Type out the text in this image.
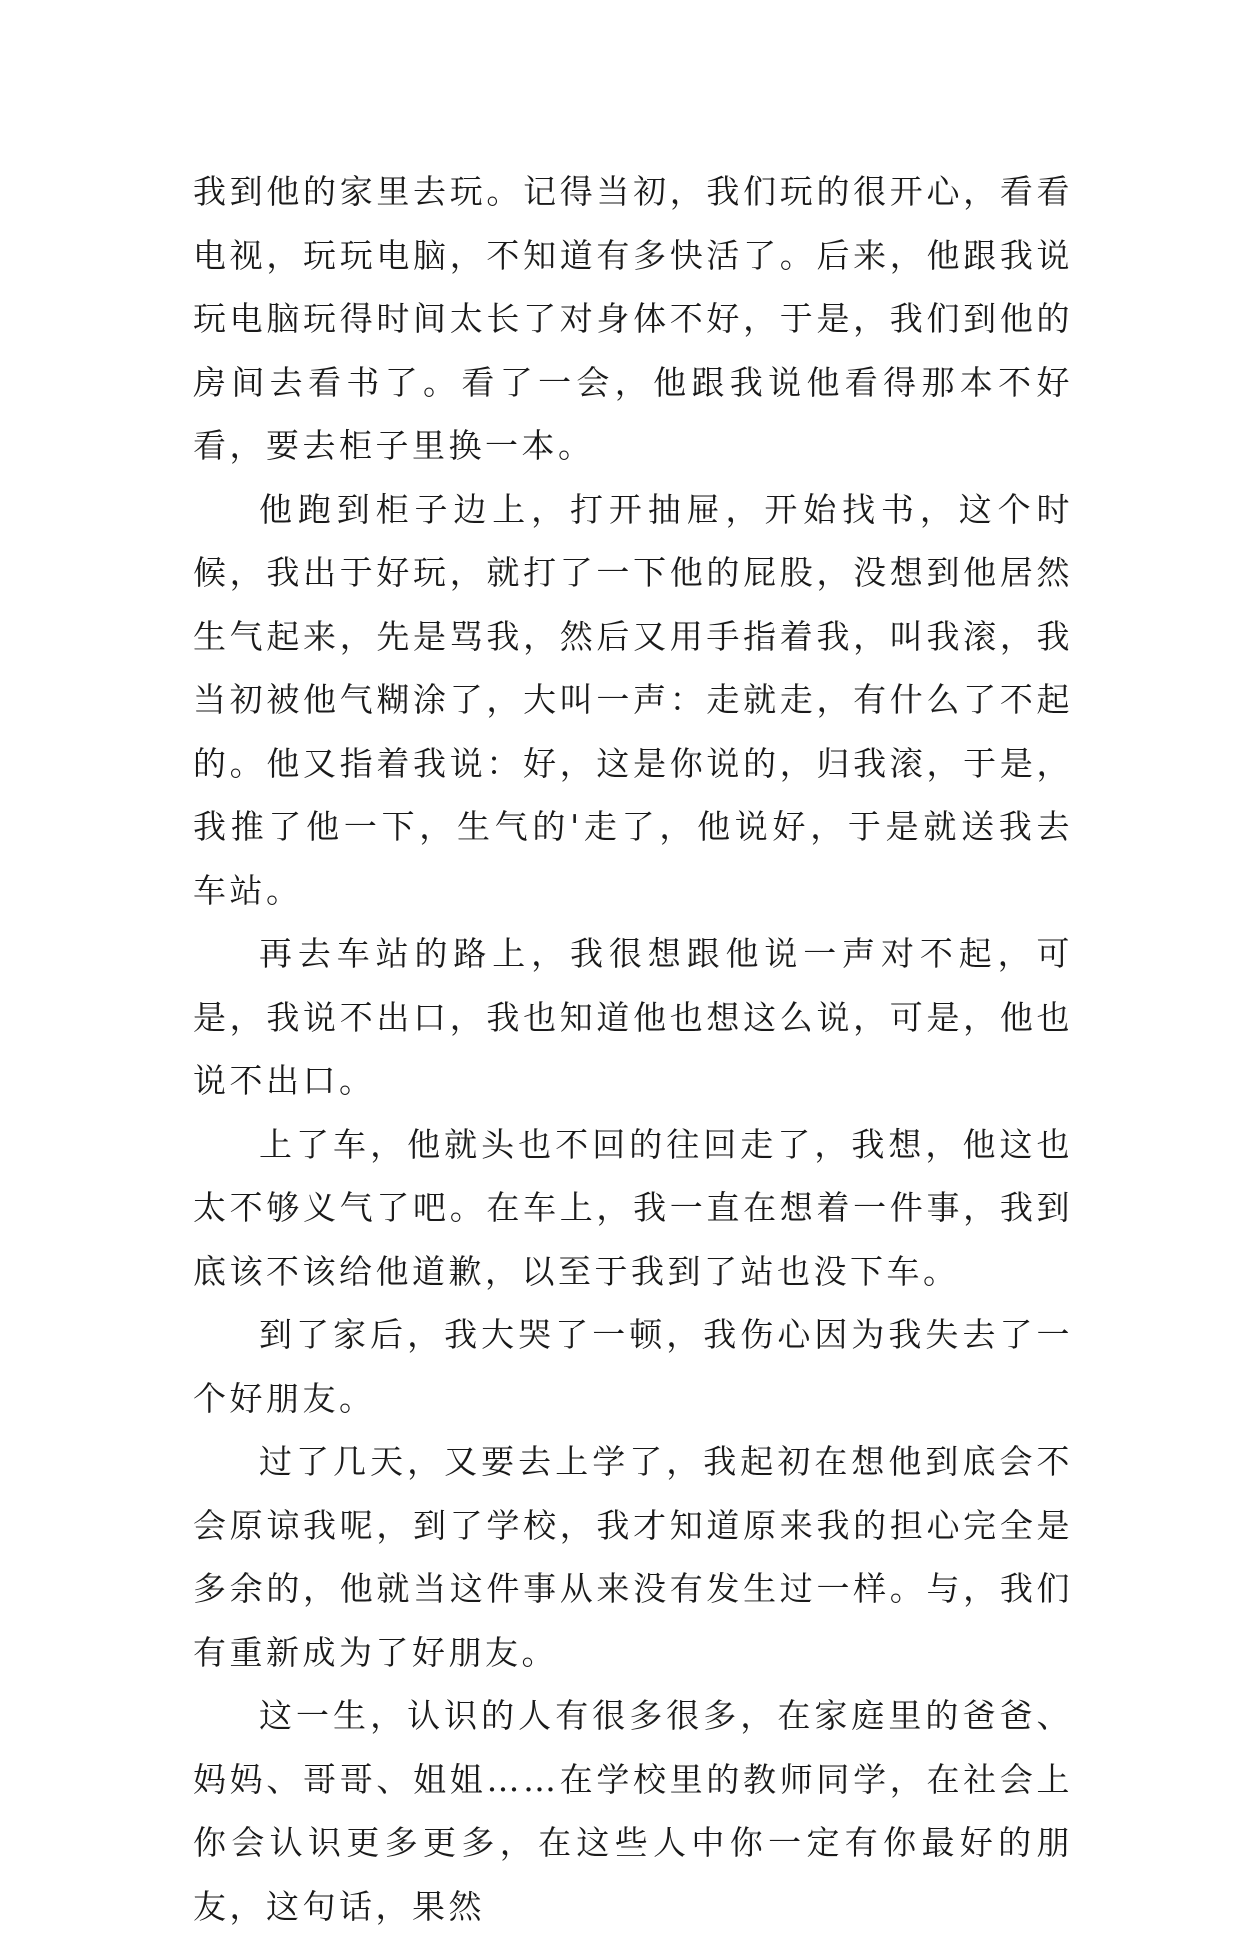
我到他的家里去玩。记得当初，我们玩的很开心，看看电视，玩玩电脑，不知道有多快活了。后来，他跟我说玩电脑玩得时间太长了对身体不好，于是，我们到他的房间去看书了。看了一会，他跟我说他看得那本不好看，要去柜子里换一本。

他跑到柜子边上，打开抽屉，开始找书，这个时候，我出于好玩，就打了一下他的屁股，没想到他居然生气起来，先是骂我，然后又用手指着我，叫我滚，我当初被他气糊涂了，大叫一声：走就走，有什么了不起的。他又指着我说：好，这是你说的，归我滚，于是，我推了他一下，生气的'走了，他说好，于是就送我去车站。

再去车站的路上，我很想跟他说一声对不起，可是，我说不出口，我也知道他也想这么说，可是，他也说不出口。

上了车，他就头也不回的往回走了，我想，他这也太不够义气了吧。在车上，我一直在想着一件事，我到底该不该给他道歉，以至于我到了站也没下车。

到了家后，我大哭了一顿，我伤心因为我失去了一个好朋友。

过了几天，又要去上学了，我起初在想他到底会不会原谅我呢，到了学校，我才知道原来我的担心完全是多余的，他就当这件事从来没有发生过一样。与，我们有重新成为了好朋友。

这一生，认识的人有很多很多，在家庭里的爸爸、妈妈、哥哥、姐姐……在学校里的教师同学，在社会上你会认识更多更多，在这些人中你一定有你最好的朋友，这句话，果然
